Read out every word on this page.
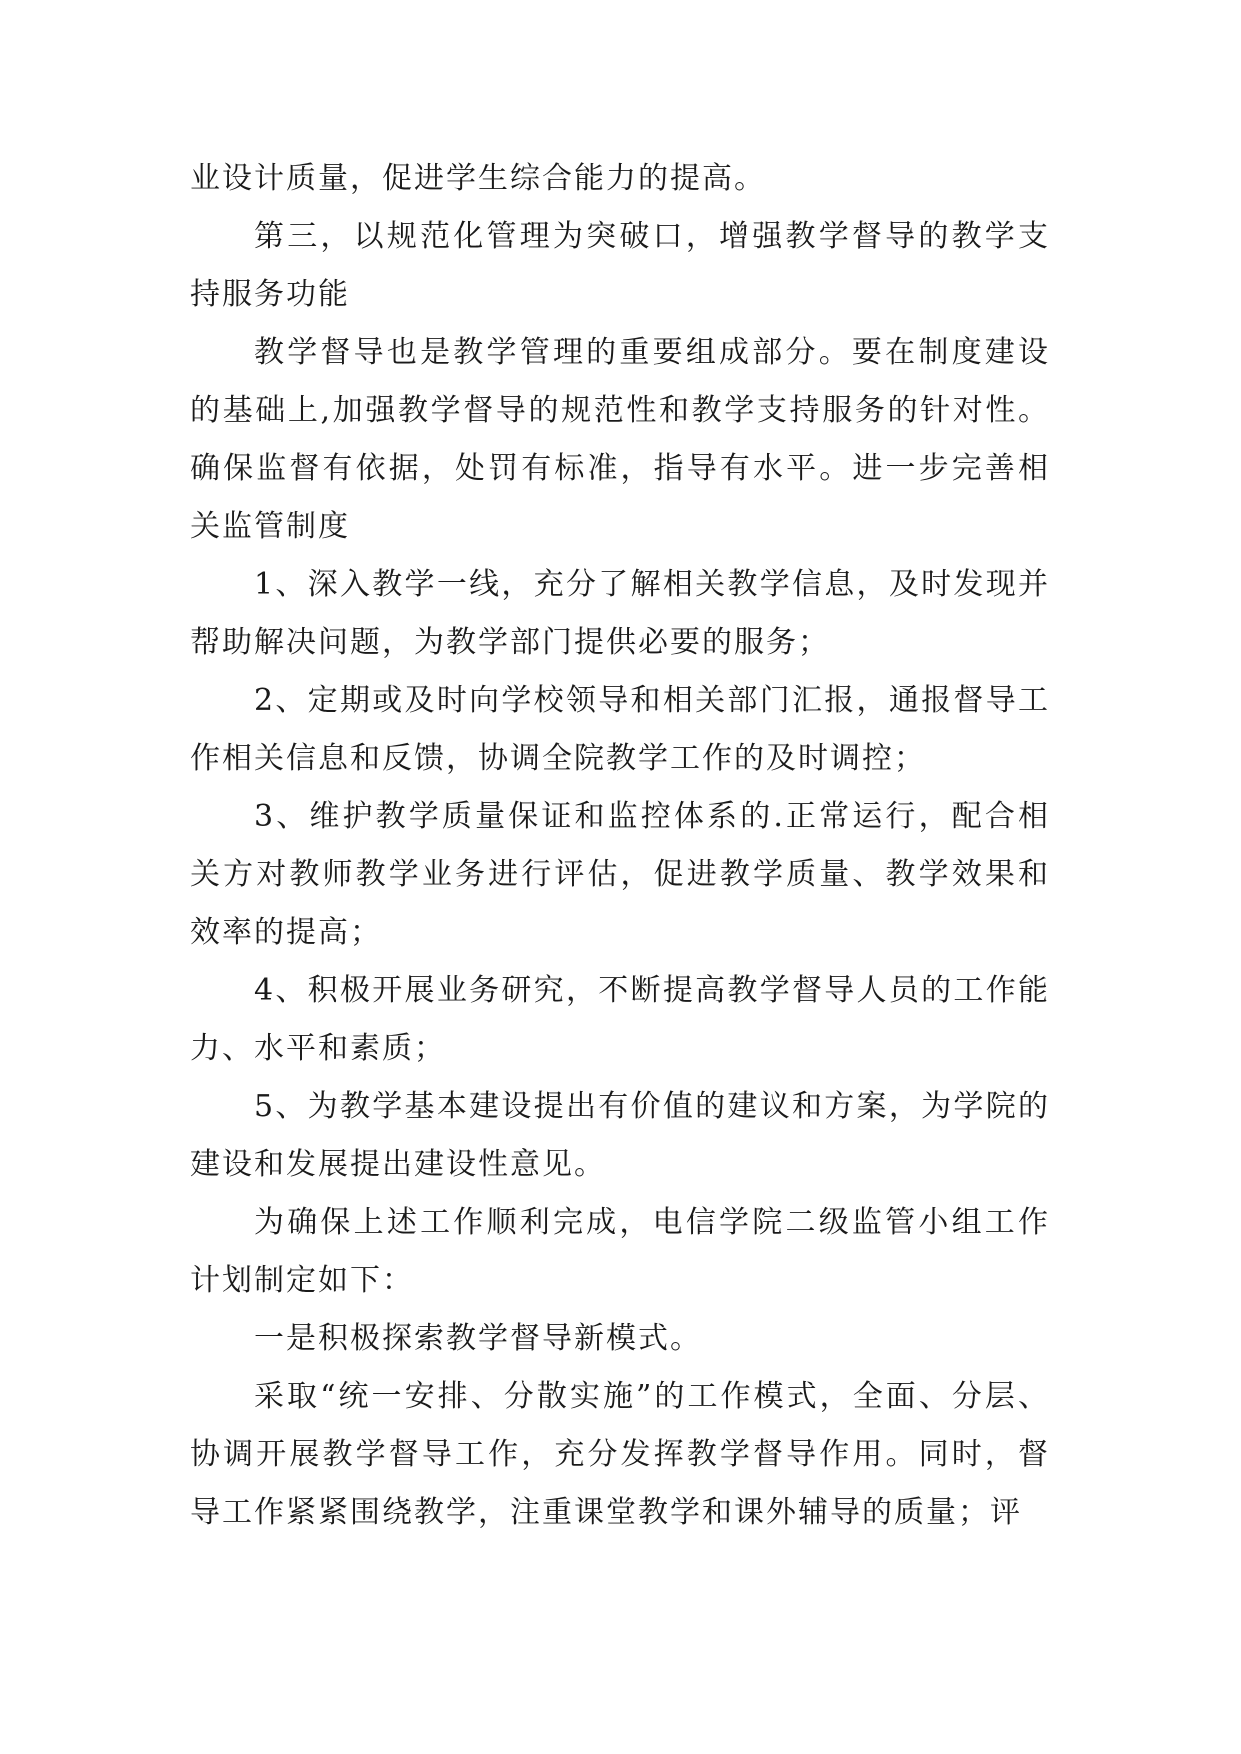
业设计质量，促进学生综合能力的提高。

第三，以规范化管理为突破口，增强教学督导的教学支持服务功能

教学督导也是教学管理的重要组成部分。要在制度建设的基础上,加强教学督导的规范性和教学支持服务的针对性。确保监督有依据，处罚有标准，指导有水平。进一步完善相关监管制度

1、深入教学一线，充分了解相关教学信息，及时发现并帮助解决问题，为教学部门提供必要的服务；

2、定期或及时向学校领导和相关部门汇报，通报督导工作相关信息和反馈，协调全院教学工作的及时调控；

3、维护教学质量保证和监控体系的.正常运行，配合相关方对教师教学业务进行评估，促进教学质量、教学效果和效率的提高；

4、积极开展业务研究，不断提高教学督导人员的工作能力、水平和素质；

5、为教学基本建设提出有价值的建议和方案，为学院的建设和发展提出建设性意见。

为确保上述工作顺利完成，电信学院二级监管小组工作计划制定如下：

一是积极探索教学督导新模式。

采取“统一安排、分散实施”的工作模式，全面、分层、协调开展教学督导工作，充分发挥教学督导作用。同时，督导工作紧紧围绕教学，注重课堂教学和课外辅导的质量；评
